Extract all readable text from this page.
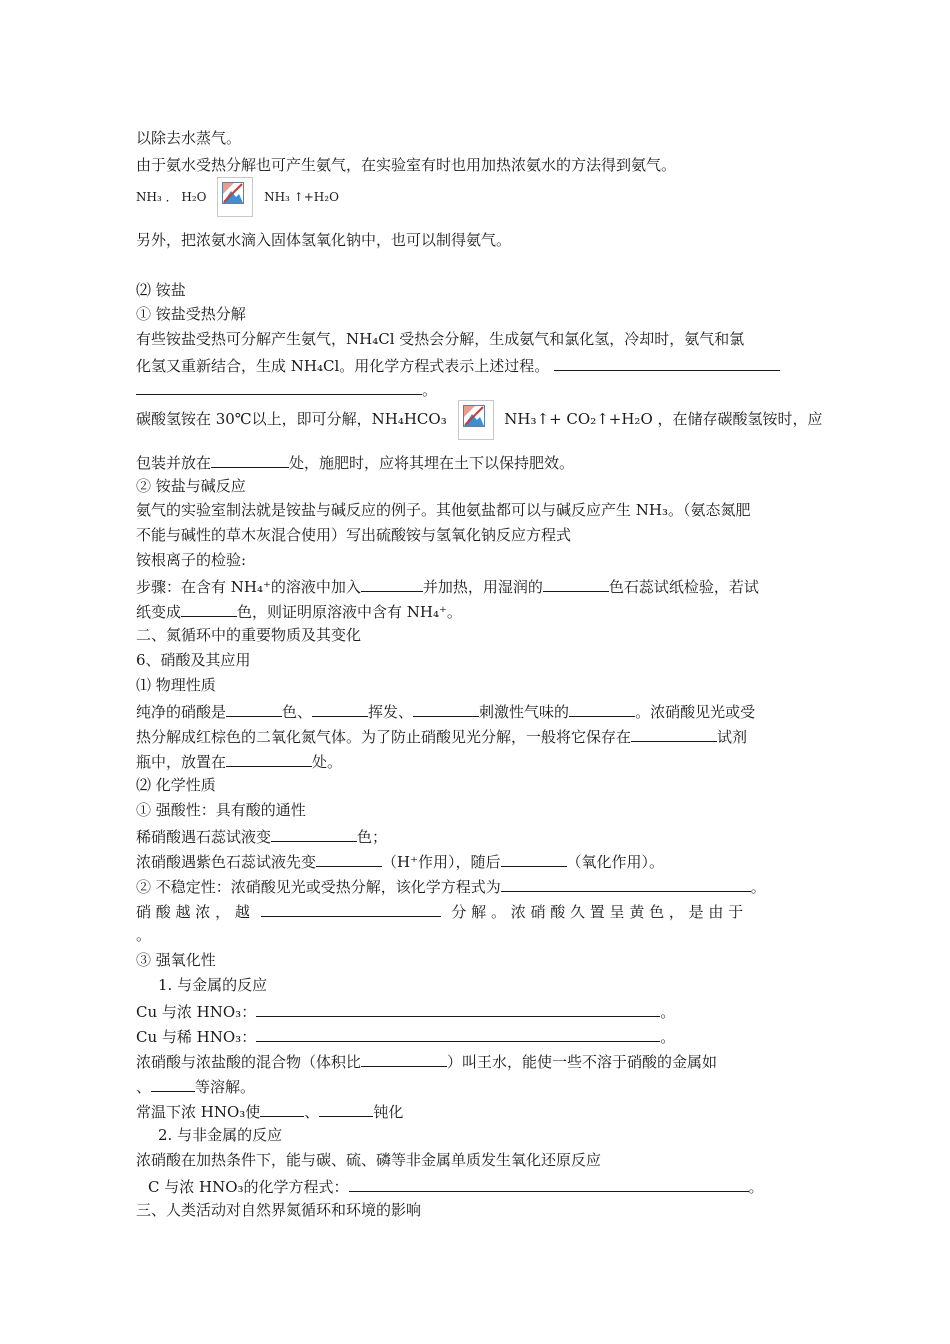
以除去水蒸气。
由于氨水受热分解也可产生氨气，在实验室有时也用加热浓氨水的方法得到氨气。
NH₃ ． H₂O	NH₃ ↑+H₂O
另外，把浓氨水滴入固体氢氧化钠中，也可以制得氨气。
⑵ 铵盐
① 铵盐受热分解
有些铵盐受热可分解产生氨气，NH₄Cl 受热会分解，生成氨气和氯化氢，冷却时，氨气和氯
化氢又重新结合，生成 NH₄Cl。用化学方程式表示上述过程。
。
碳酸氢铵在 30℃以上，即可分解，NH₄HCO₃	NH₃↑+ CO₂↑+H₂O ，在储存碳酸氢铵时，应
包装并放在	处，施肥时，应将其埋在土下以保持肥效。
② 铵盐与碱反应
氨气的实验室制法就是铵盐与碱反应的例子。其他氨盐都可以与碱反应产生 NH₃。（氨态氮肥
不能与碱性的草木灰混合使用）写出硫酸铵与氢氧化钠反应方程式
铵根离子的检验:
步骤：在含有 NH₄⁺的溶液中加入	并加热，用湿润的	色石蕊试纸检验，若试
纸变成	色，则证明原溶液中含有 NH₄⁺。
二、氮循环中的重要物质及其变化
6、硝酸及其应用
⑴ 物理性质
纯净的硝酸是	色、	挥发、	刺激性气味的	。浓硝酸见光或受
热分解成红棕色的二氧化氮气体。为了防止硝酸见光分解，一般将它保存在	试剂
瓶中，放置在	处。
⑵ 化学性质
① 强酸性：具有酸的通性
稀硝酸遇石蕊试液变	色；
浓硝酸遇紫色石蕊试液先变	（H⁺作用），随后	（氧化作用）。
② 不稳定性：浓硝酸见光或受热分解，该化学方程式为	。
硝 酸 越 浓 ， 越	分 解 。 浓 硝 酸 久 置 呈 黄 色 ， 是 由 于
。
③ 强氧化性
1. 与金属的反应
Cu 与浓 HNO₃：	。
Cu 与稀 HNO₃：	。
浓硝酸与浓盐酸的混合物（体积比	）叫王水，能使一些不溶于硝酸的金属如
、	等溶解。
常温下浓 HNO₃使	、	钝化
2. 与非金属的反应
浓硝酸在加热条件下，能与碳、硫、磷等非金属单质发生氧化还原反应
C 与浓 HNO₃的化学方程式：	。
三、人类活动对自然界氮循环和环境的影响
